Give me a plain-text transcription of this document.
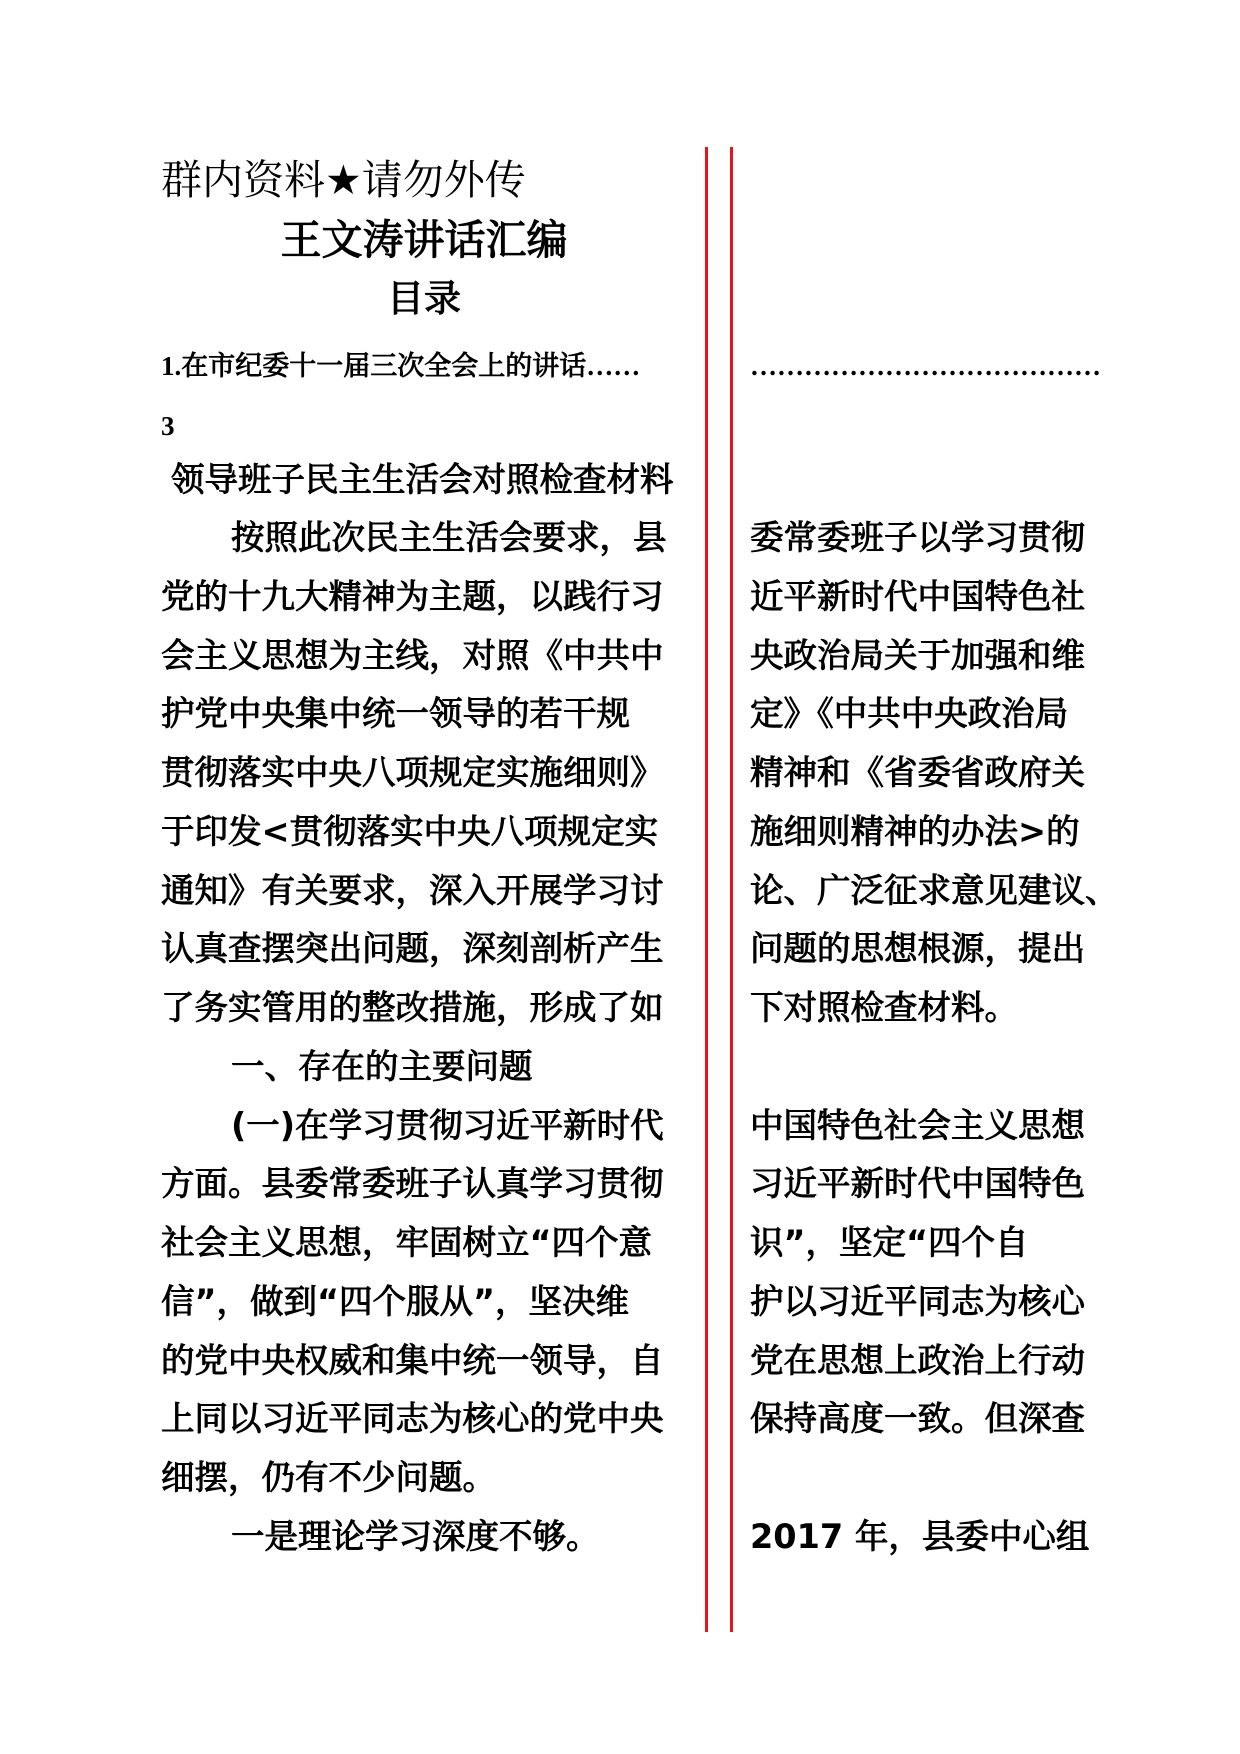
群内资料★请勿外传
王文涛讲话汇编
目录
1.在市纪委十一届三次全会上的讲话……
3
…………………………………
领导班子民主生活会对照检查材料
按照此次民主生活会要求，县
党的十九大精神为主题，以践行习
会主义思想为主线，对照《中共中
护党中央集中统一领导的若干规
贯彻落实中央八项规定实施细则》
于印发<贯彻落实中央八项规定实
通知》有关要求，深入开展学习讨
认真查摆突出问题，深刻剖析产生
了务实管用的整改措施，形成了如
一、存在的主要问题
(一)在学习贯彻习近平新时代
方面。县委常委班子认真学习贯彻
社会主义思想，牢固树立“四个意
信”，做到“四个服从”，坚决维
的党中央权威和集中统一领导，自
上同以习近平同志为核心的党中央
细摆，仍有不少问题。
一是理论学习深度不够。
委常委班子以学习贯彻
近平新时代中国特色社
央政治局关于加强和维
定》《中共中央政治局
精神和《省委省政府关
施细则精神的办法>的
论、广泛征求意见建议、
问题的思想根源，提出
下对照检查材料。
中国特色社会主义思想
习近平新时代中国特色
识”，坚定“四个自
护以习近平同志为核心
党在思想上政治上行动
保持高度一致。但深查
2017 年，县委中心组
